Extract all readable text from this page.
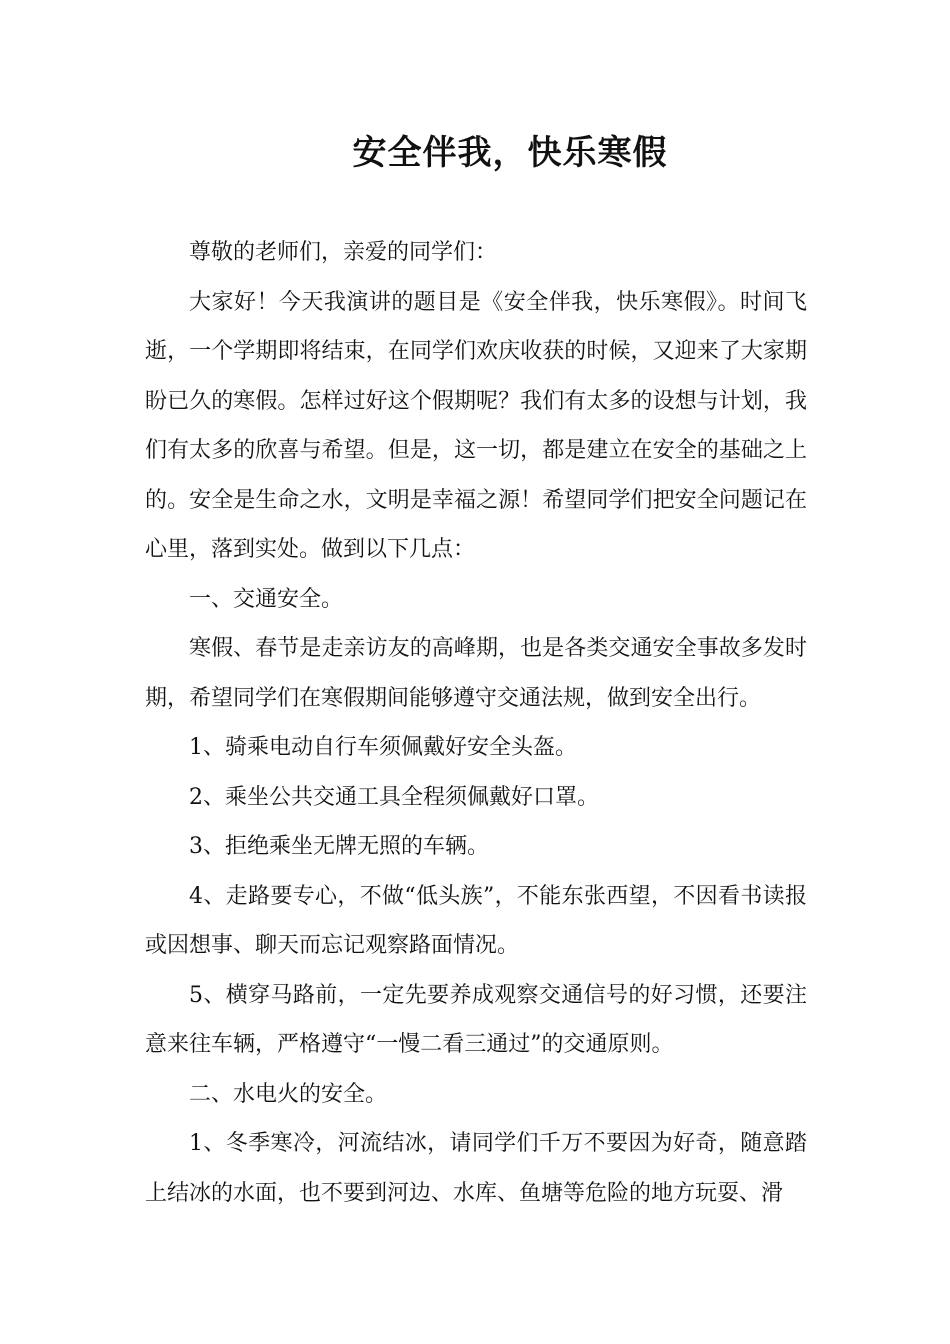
安全伴我，快乐寒假

尊敬的老师们，亲爱的同学们：

大家好！今天我演讲的题目是《安全伴我，快乐寒假》。时间飞逝，一个学期即将结束，在同学们欢庆收获的时候，又迎来了大家期盼已久的寒假。怎样过好这个假期呢？我们有太多的设想与计划，我们有太多的欣喜与希望。但是，这一切，都是建立在安全的基础之上的。安全是生命之水，文明是幸福之源！希望同学们把安全问题记在心里，落到实处。做到以下几点：

一、交通安全。

寒假、春节是走亲访友的高峰期，也是各类交通安全事故多发时期，希望同学们在寒假期间能够遵守交通法规，做到安全出行。

1、骑乘电动自行车须佩戴好安全头盔。

2、乘坐公共交通工具全程须佩戴好口罩。

3、拒绝乘坐无牌无照的车辆。

4、走路要专心，不做“低头族”，不能东张西望，不因看书读报或因想事、聊天而忘记观察路面情况。

5、横穿马路前，一定先要养成观察交通信号的好习惯，还要注意来往车辆，严格遵守“一慢二看三通过”的交通原则。

二、水电火的安全。

1、冬季寒冷，河流结冰，请同学们千万不要因为好奇，随意踏上结冰的水面，也不要到河边、水库、鱼塘等危险的地方玩耍、滑
